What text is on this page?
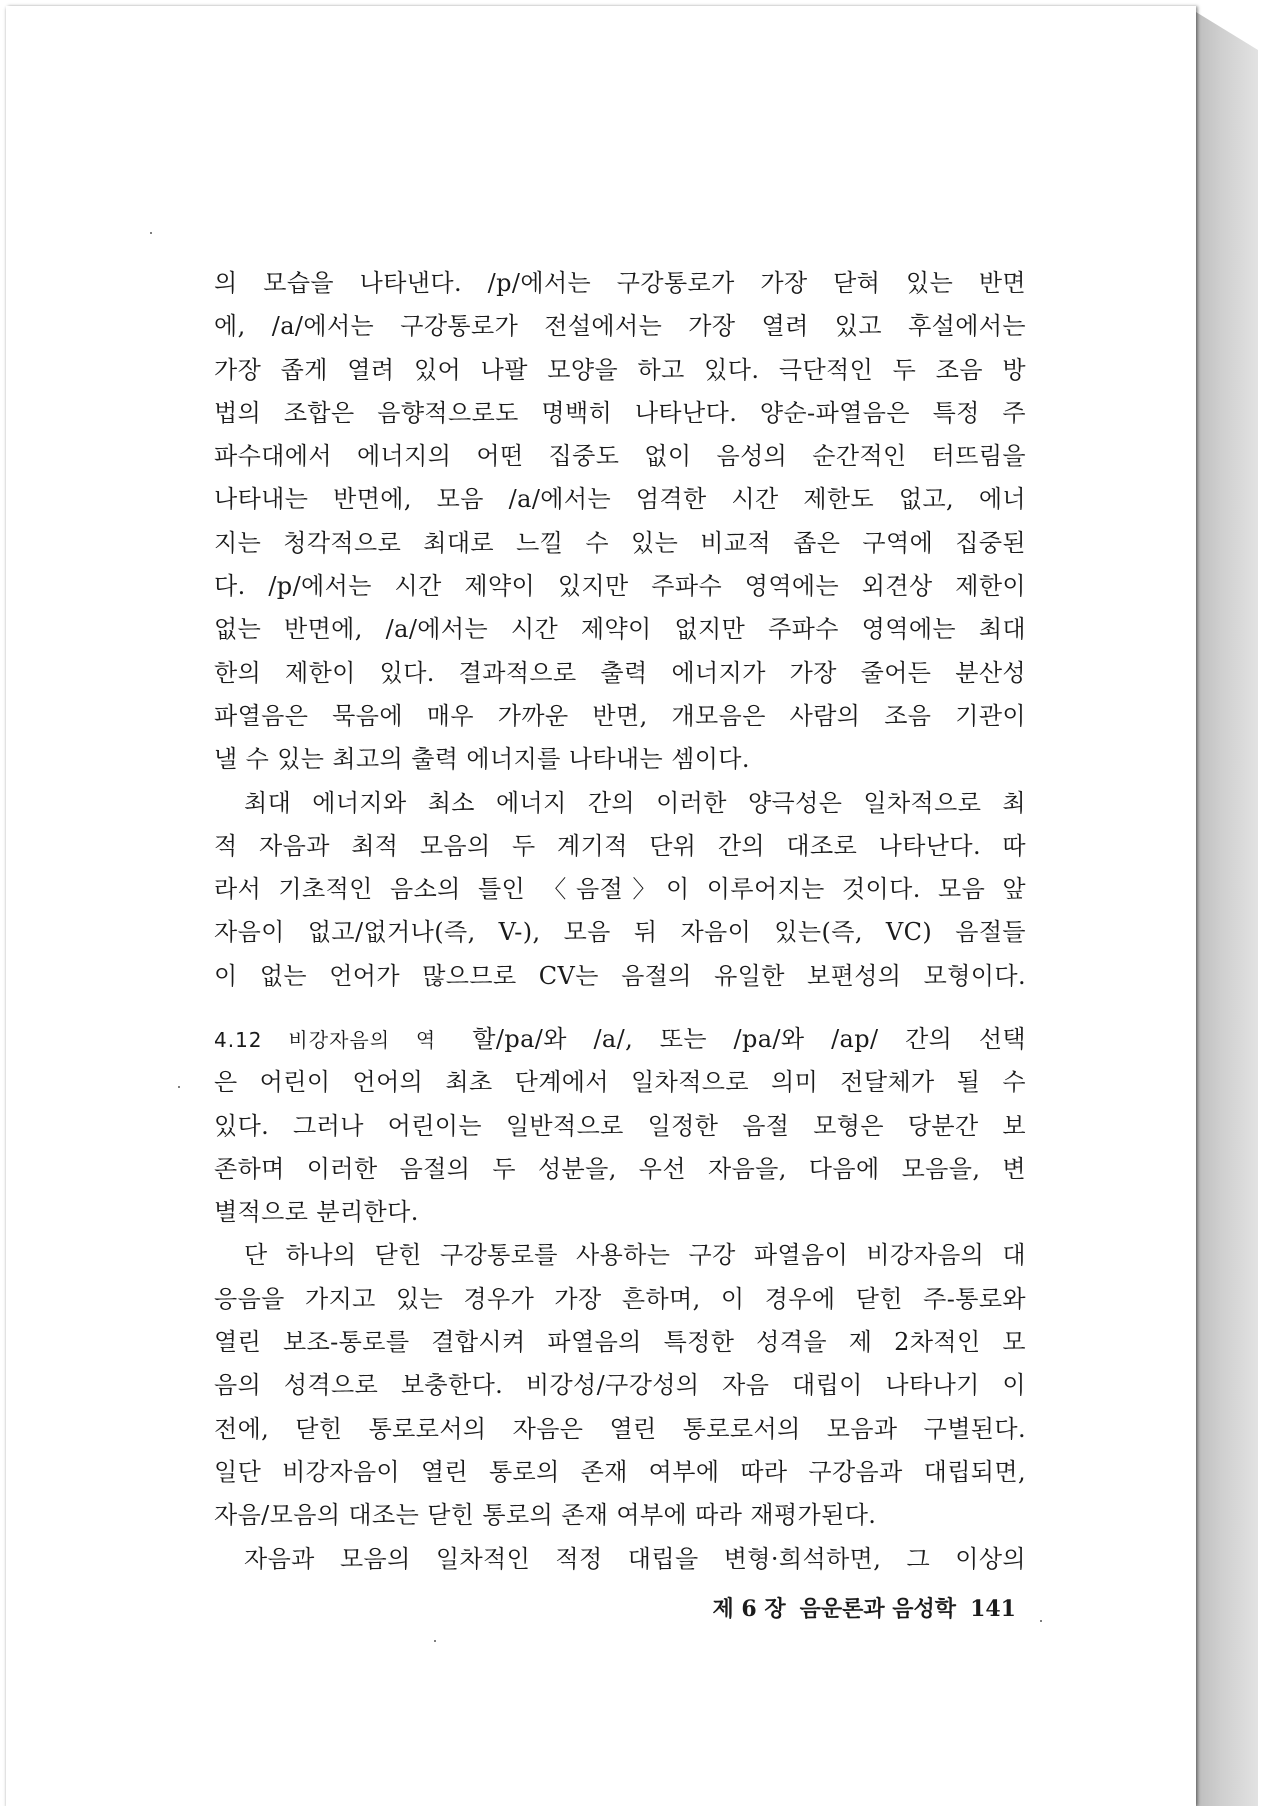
의 모습을 나타낸다. /p/에서는 구강통로가 가장 닫혀 있는 반면
에, /a/에서는 구강통로가 전설에서는 가장 열려 있고 후설에서는
가장 좁게 열려 있어 나팔 모양을 하고 있다. 극단적인 두 조음 방
법의 조합은 음향적으로도 명백히 나타난다. 양순-파열음은 특정 주
파수대에서 에너지의 어떤 집중도 없이 음성의 순간적인 터뜨림을
나타내는 반면에, 모음 /a/에서는 엄격한 시간 제한도 없고, 에너
지는 청각적으로 최대로 느낄 수 있는 비교적 좁은 구역에 집중된
다. /p/에서는 시간 제약이 있지만 주파수 영역에는 외견상 제한이
없는 반면에, /a/에서는 시간 제약이 없지만 주파수 영역에는 최대
한의 제한이 있다. 결과적으로 출력 에너지가 가장 줄어든 분산성
파열음은 묵음에 매우 가까운 반면, 개모음은 사람의 조음 기관이
낼 수 있는 최고의 출력 에너지를 나타내는 셈이다.
최대 에너지와 최소 에너지 간의 이러한 양극성은 일차적으로 최
적 자음과 최적 모음의 두 계기적 단위 간의 대조로 나타난다. 따
라서 기초적인 음소의 틀인 〈음절〉이 이루어지는 것이다. 모음 앞
자음이 없고/없거나(즉, V-), 모음 뒤 자음이 있는(즉, VC) 음절들
이 없는 언어가 많으므로 CV는 음절의 유일한 보편성의 모형이다.
4.12 비강자음의 역 할/pa/와 /a/, 또는 /pa/와 /ap/ 간의 선택
은 어린이 언어의 최초 단계에서 일차적으로 의미 전달체가 될 수
있다. 그러나 어린이는 일반적으로 일정한 음절 모형은 당분간 보
존하며 이러한 음절의 두 성분을, 우선 자음을, 다음에 모음을, 변
별적으로 분리한다.
단 하나의 닫힌 구강통로를 사용하는 구강 파열음이 비강자음의 대
응음을 가지고 있는 경우가 가장 흔하며, 이 경우에 닫힌 주-통로와
열린 보조-통로를 결합시켜 파열음의 특정한 성격을 제 2차적인 모
음의 성격으로 보충한다. 비강성/구강성의 자음 대립이 나타나기 이
전에, 닫힌 통로로서의 자음은 열린 통로로서의 모음과 구별된다.
일단 비강자음이 열린 통로의 존재 여부에 따라 구강음과 대립되면,
자음/모음의 대조는 닫힌 통로의 존재 여부에 따라 재평가된다.
자음과 모음의 일차적인 적정 대립을 변형·희석하면, 그 이상의
제 6 장 음운론과 음성학 141
